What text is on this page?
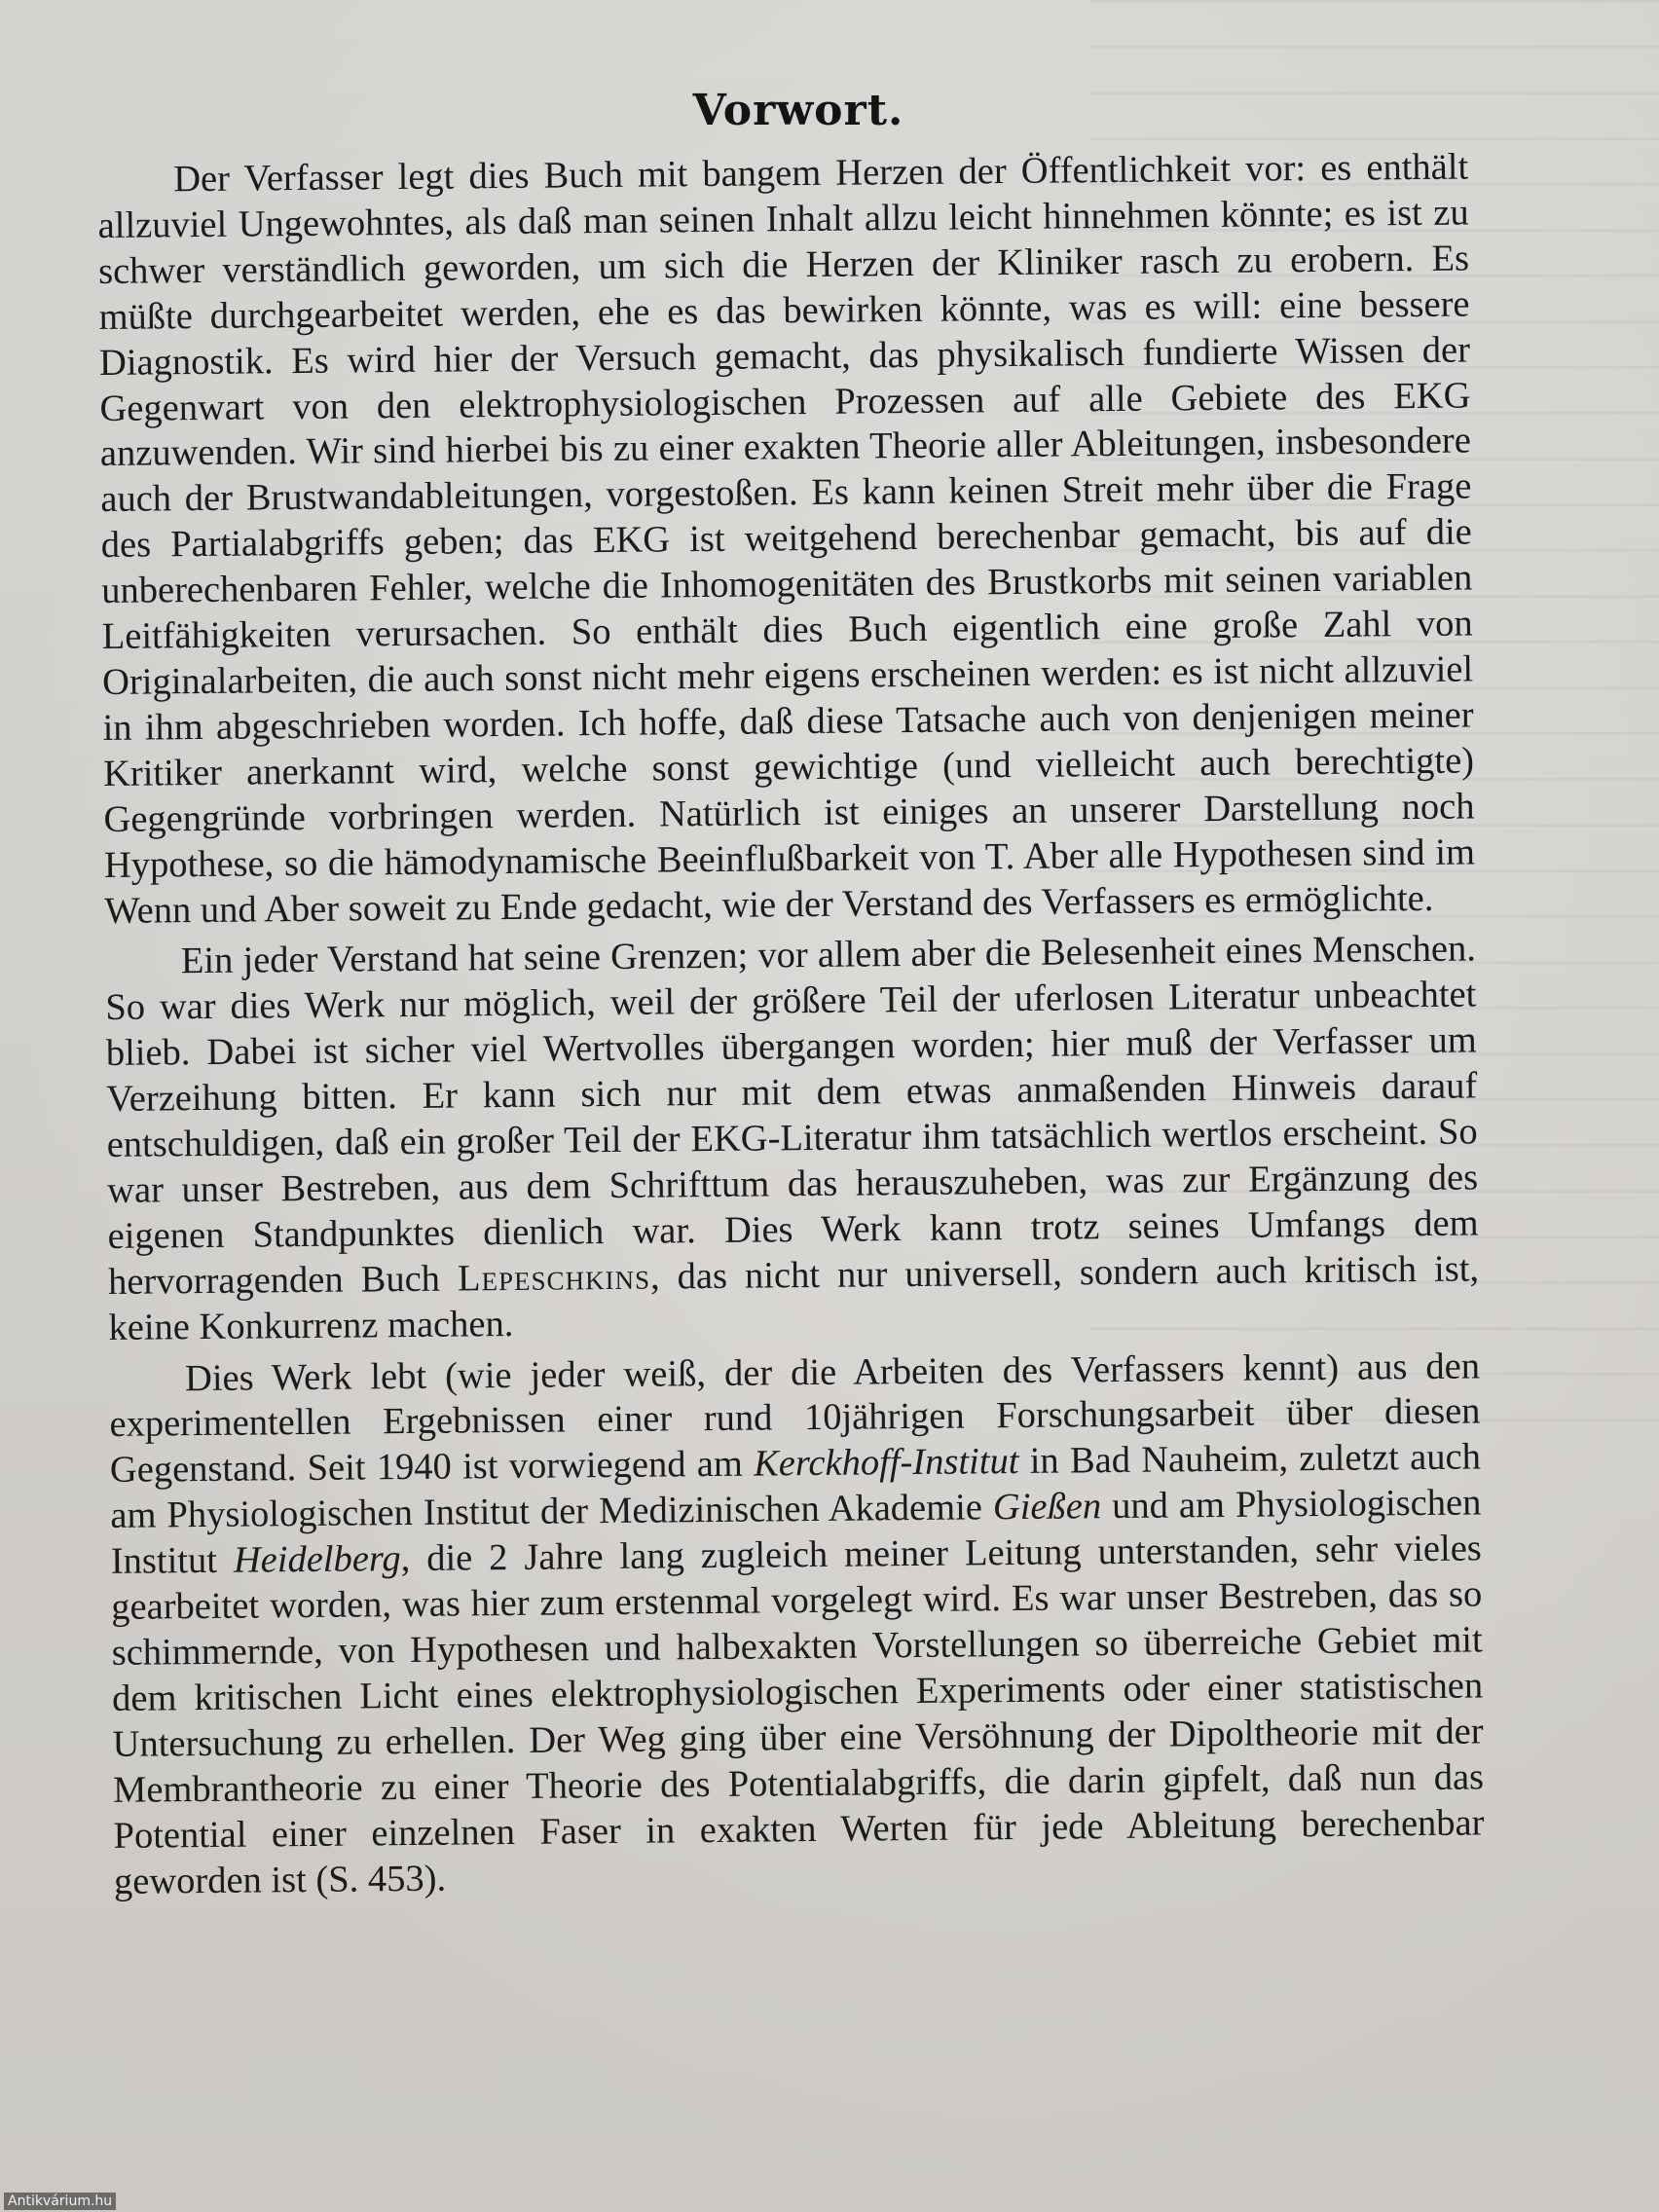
Vorwort.

Der Verfasser legt dies Buch mit bangem Herzen der Öffentlichkeit vor: es enthält allzuviel Ungewohntes, als daß man seinen Inhalt allzu leicht hinnehmen könnte; es ist zu schwer verständlich geworden, um sich die Herzen der Kliniker rasch zu erobern. Es müßte durchgearbeitet werden, ehe es das bewirken könnte, was es will: eine bessere Diagnostik. Es wird hier der Versuch gemacht, das physikalisch fundierte Wissen der Gegenwart von den elektrophysiologischen Prozessen auf alle Gebiete des EKG anzuwenden. Wir sind hierbei bis zu einer exakten Theorie aller Ableitungen, insbesondere auch der Brustwandableitungen, vorgestoßen. Es kann keinen Streit mehr über die Frage des Partialabgriffs geben; das EKG ist weitgehend berechenbar gemacht, bis auf die unberechenbaren Fehler, welche die Inhomogenitäten des Brustkorbs mit seinen variablen Leitfähigkeiten verursachen. So enthält dies Buch eigentlich eine große Zahl von Originalarbeiten, die auch sonst nicht mehr eigens erscheinen werden: es ist nicht allzuviel in ihm abgeschrieben worden. Ich hoffe, daß diese Tatsache auch von denjenigen meiner Kritiker anerkannt wird, welche sonst gewichtige (und vielleicht auch berechtigte) Gegengründe vorbringen werden. Natürlich ist einiges an unserer Darstellung noch Hypothese, so die hämodynamische Beeinflußbarkeit von T. Aber alle Hypothesen sind im Wenn und Aber soweit zu Ende gedacht, wie der Verstand des Verfassers es ermöglichte.

Ein jeder Verstand hat seine Grenzen; vor allem aber die Belesenheit eines Menschen. So war dies Werk nur möglich, weil der größere Teil der uferlosen Literatur unbeachtet blieb. Dabei ist sicher viel Wertvolles übergangen worden; hier muß der Verfasser um Verzeihung bitten. Er kann sich nur mit dem etwas anmaßenden Hinweis darauf entschuldigen, daß ein großer Teil der EKG-Literatur ihm tatsächlich wertlos erscheint. So war unser Bestreben, aus dem Schrifttum das herauszuheben, was zur Ergänzung des eigenen Standpunktes dienlich war. Dies Werk kann trotz seines Umfangs dem hervorragenden Buch Lepeschkins, das nicht nur universell, sondern auch kritisch ist, keine Konkurrenz machen.

Dies Werk lebt (wie jeder weiß, der die Arbeiten des Verfassers kennt) aus den experimentellen Ergebnissen einer rund 10jährigen Forschungsarbeit über diesen Gegenstand. Seit 1940 ist vorwiegend am Kerckhoff-Institut in Bad Nauheim, zuletzt auch am Physiologischen Institut der Medizinischen Akademie Gießen und am Physiologischen Institut Heidelberg, die 2 Jahre lang zugleich meiner Leitung unterstanden, sehr vieles gearbeitet worden, was hier zum erstenmal vorgelegt wird. Es war unser Bestreben, das so schimmernde, von Hypothesen und halbexakten Vorstellungen so überreiche Gebiet mit dem kritischen Licht eines elektrophysiologischen Experiments oder einer statistischen Untersuchung zu erhellen. Der Weg ging über eine Versöhnung der Dipoltheorie mit der Membrantheorie zu einer Theorie des Potentialabgriffs, die darin gipfelt, daß nun das Potential einer einzelnen Faser in exakten Werten für jede Ableitung berechenbar geworden ist (S. 453).

Antikvárium.hu
